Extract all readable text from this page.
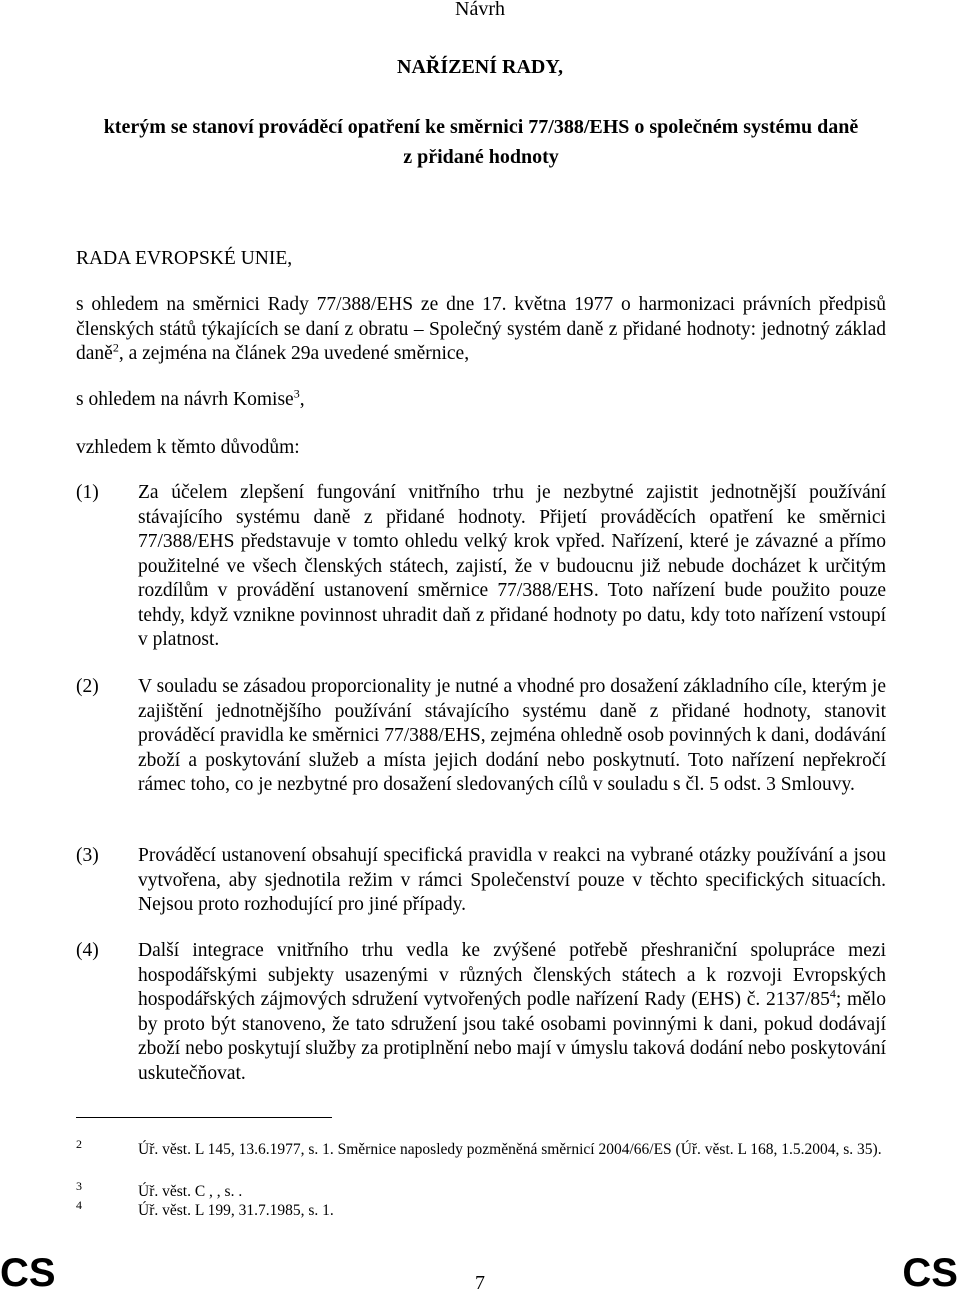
Návrh
NAŘÍZENÍ RADY,
kterým se stanoví prováděcí opatření ke směrnici 77/388/EHS o společném systému daně
z přidané hodnoty
RADA EVROPSKÉ UNIE,
s ohledem na směrnici Rady 77/388/EHS ze dne 17. května 1977 o harmonizaci právních předpisů členských států týkajících se daní z obratu – Společný systém daně z přidané hodnoty: jednotný základ daně$^2$, a zejména na článek 29a uvedené směrnice,
s ohledem na návrh Komise$^3$,
vzhledem k těmto důvodům:
(1)	Za účelem zlepšení fungování vnitřního trhu je nezbytné zajistit jednotnější používání stávajícího systému daně z přidané hodnoty. Přijetí prováděcích opatření ke směrnici 77/388/EHS představuje v tomto ohledu velký krok vpřed. Nařízení, které je závazné a přímo použitelné ve všech členských státech, zajistí, že v budoucnu již nebude docházet k určitým rozdílům v provádění ustanovení směrnice 77/388/EHS. Toto nařízení bude použito pouze tehdy, když vznikne povinnost uhradit daň z přidané hodnoty po datu, kdy toto nařízení vstoupí v platnost.
(2)	V souladu se zásadou proporcionality je nutné a vhodné pro dosažení základního cíle, kterým je zajištění jednotnějšího používání stávajícího systému daně z přidané hodnoty, stanovit prováděcí pravidla ke směrnici 77/388/EHS, zejména ohledně osob povinných k dani, dodávání zboží a poskytování služeb a místa jejich dodání nebo poskytnutí. Toto nařízení nepřekročí rámec toho, co je nezbytné pro dosažení sledovaných cílů v souladu s čl. 5 odst. 3 Smlouvy.
(3)	Prováděcí ustanovení obsahují specifická pravidla v reakci na vybrané otázky používání a jsou vytvořena, aby sjednotila režim v rámci Společenství pouze v těchto specifických situacích. Nejsou proto rozhodující pro jiné případy.
(4)	Další integrace vnitřního trhu vedla ke zvýšené potřebě přeshraniční spolupráce mezi hospodářskými subjekty usazenými v různých členských státech a k rozvoji Evropských hospodářských zájmových sdružení vytvořených podle nařízení Rady (EHS) č. $2137/85^4$; mělo by proto být stanoveno, že tato sdružení jsou také osobami povinnými k dani, pokud dodávají zboží nebo poskytují služby za protiplnění nebo mají v úmyslu taková dodání nebo poskytování uskutečňovat.
2	Úř. věst. L 145, 13.6.1977, s. 1. Směrnice naposledy pozměněná směrnicí 2004/66/ES (Úř. věst. L 168, 1.5.2004, s. 35).
3	Úř. věst. C , , s. .
4	Úř. věst. L 199, 31.7.1985, s. 1.
CS	7	CS
